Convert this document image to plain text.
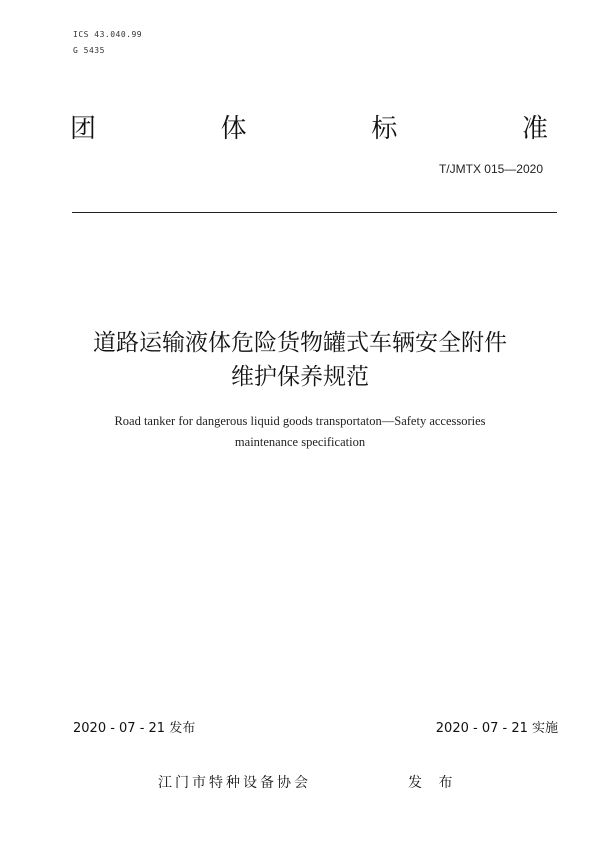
ICS 43.040.99
G 5435
团	体	标	准
T/JMTX 015—2020
道路运输液体危险货物罐式车辆安全附件
维护保养规范
Road tanker for dangerous liquid goods transportaton—Safety accessories
maintenance specification
2020 - 07 - 21 发布	2020 - 07 - 21 实施
江门市特种设备协会	发 布
